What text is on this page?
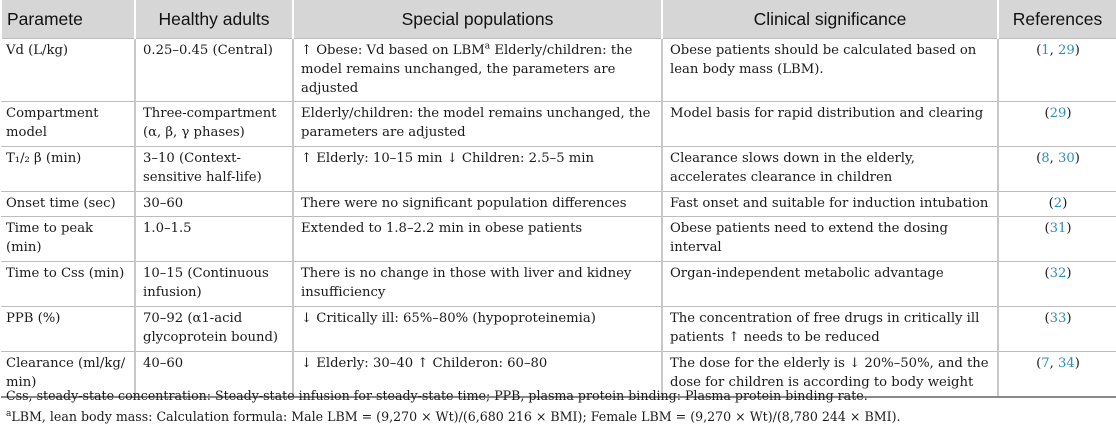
Paramete	Healthy adults	Special populations	Clinical significance	References
Vd (L/kg)	0.25–0.45 (Central)	↑ Obese: Vd based on LBM$^a$ Elderly/children: the model remains unchanged, the parameters are adjusted	Obese patients should be calculated based on lean body mass (LBM).	(1, 29)
Compartment model	Three-compartment (α, β, γ phases)	Elderly/children: the model remains unchanged, the parameters are adjusted	Model basis for rapid distribution and clearing	(29)
T₁/₂ β (min)	3–10 (Context-sensitive half-life)	↑ Elderly: 10–15 min ↓ Children: 2.5–5 min	Clearance slows down in the elderly, accelerates clearance in children	(8, 30)
Onset time (sec)	30–60	There were no significant population differences	Fast onset and suitable for induction intubation	(2)
Time to peak (min)	1.0–1.5	Extended to 1.8–2.2 min in obese patients	Obese patients need to extend the dosing interval	(31)
Time to Css (min)	10–15 (Continuous infusion)	There is no change in those with liver and kidney insufficiency	Organ-independent metabolic advantage	(32)
PPB (%)	70–92 (α1-acid glycoprotein bound)	↓ Critically ill: 65%–80% (hypoproteinemia)	The concentration of free drugs in critically ill patients ↑ needs to be reduced	(33)
Clearance (ml/kg/ min)	40–60	↓ Elderly: 30–40 ↑ Childeron: 60–80	The dose for the elderly is ↓ 20%–50%, and the dose for children is according to body weight	(7, 34)

Css, steady-state concentration: Steady-state infusion for steady-state time; PPB, plasma protein binding: Plasma protein binding rate.

$^a$LBM, lean body mass: Calculation formula: Male LBM = (9,270 × Wt)/(6,680 216 × BMI); Female LBM = (9,270 × Wt)/(8,780 244 × BMI).
